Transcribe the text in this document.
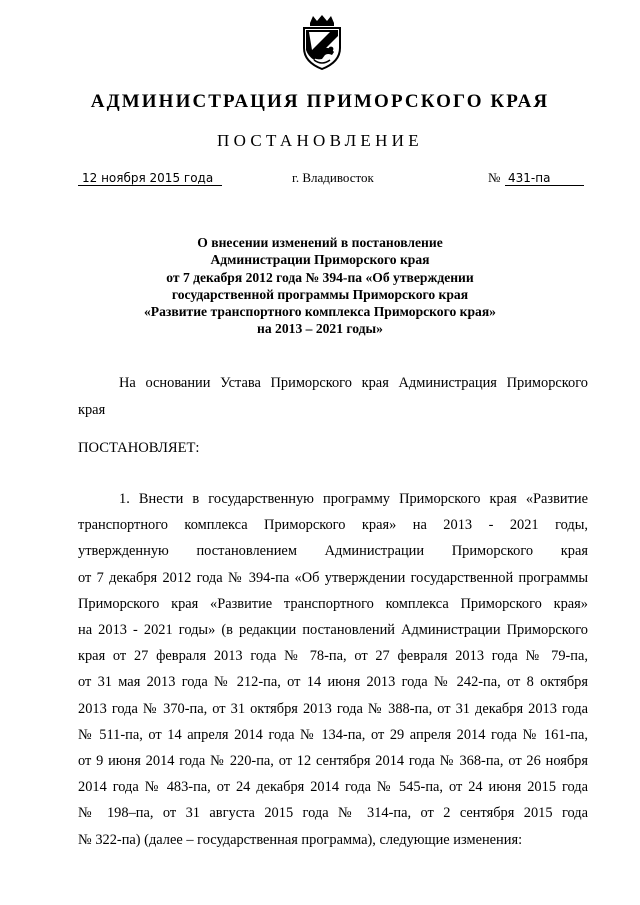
АДМИНИСТРАЦИЯ ПРИМОРСКОГО КРАЯ
ПОСТАНОВЛЕНИЕ
12 ноября 2015 года	г. Владивосток	№ 431-па
О внесении изменений в постановление
Администрации Приморского края
от 7 декабря 2012 года № 394-па «Об утверждении
государственной программы Приморского края
«Развитие транспортного комплекса Приморского края»
на 2013 – 2021 годы»
На основании Устава Приморского края Администрация Приморского
края
ПОСТАНОВЛЯЕТ:
1. Внести в государственную программу Приморского края «Развитие
транспортного комплекса Приморского края» на 2013 - 2021 годы,
утвержденную постановлением Администрации Приморского края
от 7 декабря 2012 года № 394-па «Об утверждении государственной программы
Приморского края «Развитие транспортного комплекса Приморского края»
на 2013 - 2021 годы» (в редакции постановлений Администрации Приморского
края от 27 февраля 2013 года № 78-па, от 27 февраля 2013 года № 79-па,
от 31 мая 2013 года № 212-па, от 14 июня 2013 года № 242-па, от 8 октября
2013 года № 370-па, от 31 октября 2013 года № 388-па, от 31 декабря 2013 года
№ 511-па, от 14 апреля 2014 года № 134-па, от 29 апреля 2014 года № 161-па,
от 9 июня 2014 года № 220-па, от 12 сентября 2014 года № 368-па, от 26 ноября
2014 года № 483-па, от 24 декабря 2014 года № 545-па, от 24 июня 2015 года
№ 198–па, от 31 августа 2015 года № 314-па, от 2 сентября 2015 года
№ 322-па) (далее – государственная программа), следующие изменения:
